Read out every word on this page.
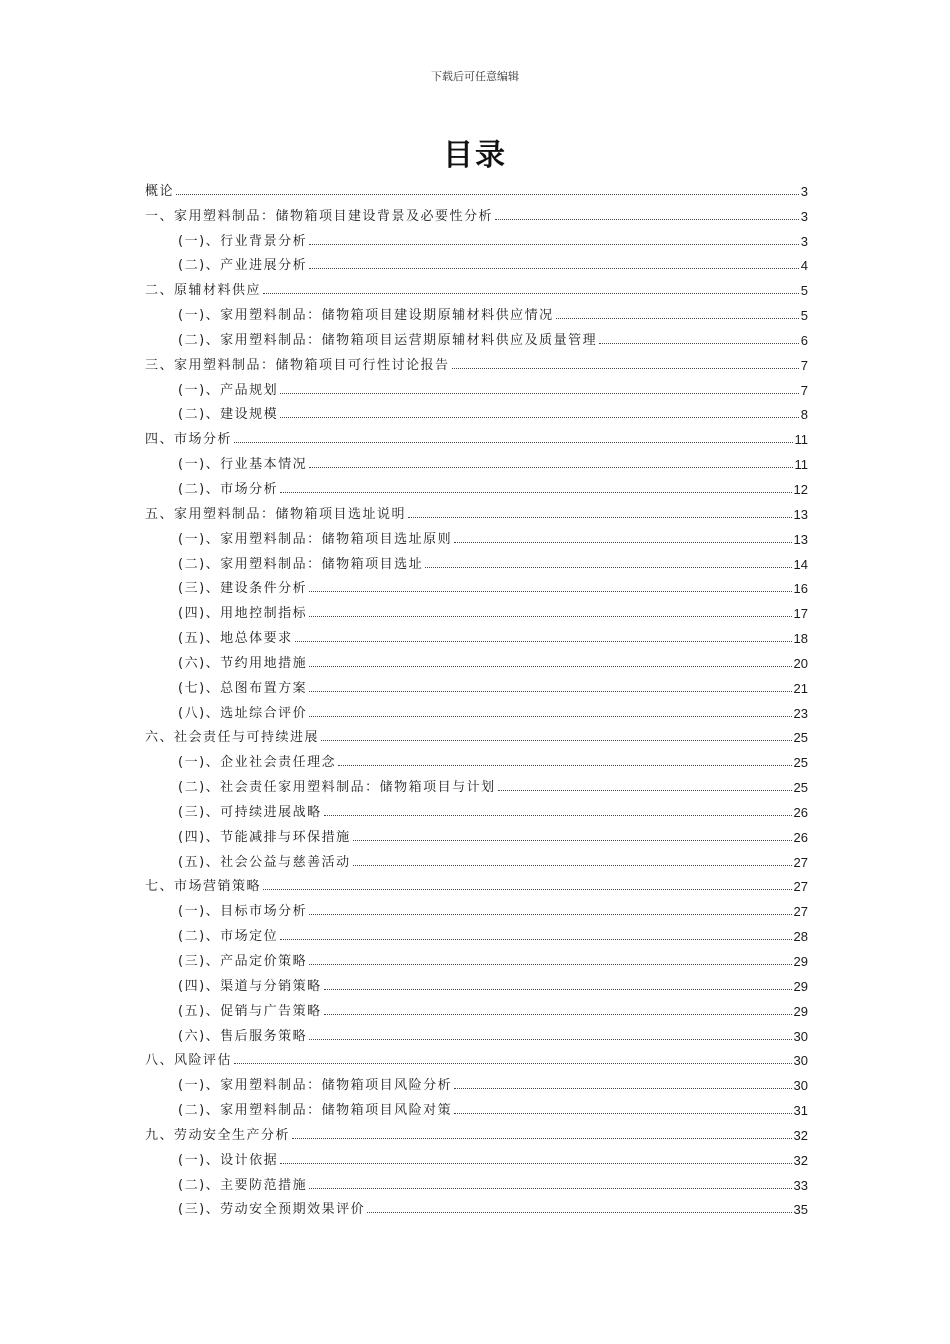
下载后可任意编辑
目录
概论	3
一、家用塑料制品：储物箱项目建设背景及必要性分析	3
(一)、行业背景分析	3
(二)、产业进展分析	4
二、原辅材料供应	5
(一)、家用塑料制品：储物箱项目建设期原辅材料供应情况	5
(二)、家用塑料制品：储物箱项目运营期原辅材料供应及质量管理	6
三、家用塑料制品：储物箱项目可行性讨论报告	7
(一)、产品规划	7
(二)、建设规模	8
四、市场分析	11
(一)、行业基本情况	11
(二)、市场分析	12
五、家用塑料制品：储物箱项目选址说明	13
(一)、家用塑料制品：储物箱项目选址原则	13
(二)、家用塑料制品：储物箱项目选址	14
(三)、建设条件分析	16
(四)、用地控制指标	17
(五)、地总体要求	18
(六)、节约用地措施	20
(七)、总图布置方案	21
(八)、选址综合评价	23
六、社会责任与可持续进展	25
(一)、企业社会责任理念	25
(二)、社会责任家用塑料制品：储物箱项目与计划	25
(三)、可持续进展战略	26
(四)、节能减排与环保措施	26
(五)、社会公益与慈善活动	27
七、市场营销策略	27
(一)、目标市场分析	27
(二)、市场定位	28
(三)、产品定价策略	29
(四)、渠道与分销策略	29
(五)、促销与广告策略	29
(六)、售后服务策略	30
八、风险评估	30
(一)、家用塑料制品：储物箱项目风险分析	30
(二)、家用塑料制品：储物箱项目风险对策	31
九、劳动安全生产分析	32
(一)、设计依据	32
(二)、主要防范措施	33
(三)、劳动安全预期效果评价	35
